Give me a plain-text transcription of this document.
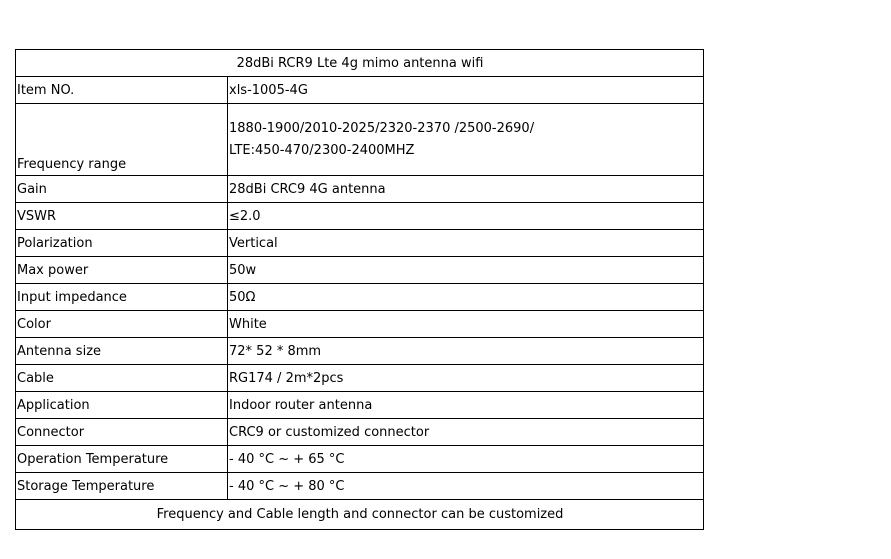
28dBi RCR9 Lte 4g mimo antenna wifi	
Item NO.	xls-1005-4G
Frequency range	1880-1900/2010-2025/2320-2370 /2500-2690/
LTE:450-470/2300-2400MHZ

Gain	28dBi CRC9 4G antenna
VSWR	≤2.0
Polarization	Vertical
Max power	50w
Input impedance	50Ω
Color	White
Antenna size	72* 52 * 8mm
Cable	RG174 / 2m*2pcs
Application	Indoor router antenna
Connector	CRC9 or customized connector
Operation Temperature	- 40 °C ~ + 65 °C
Storage Temperature	- 40 °C ~ + 80 °C
Frequency and Cable length and connector can be customized	
